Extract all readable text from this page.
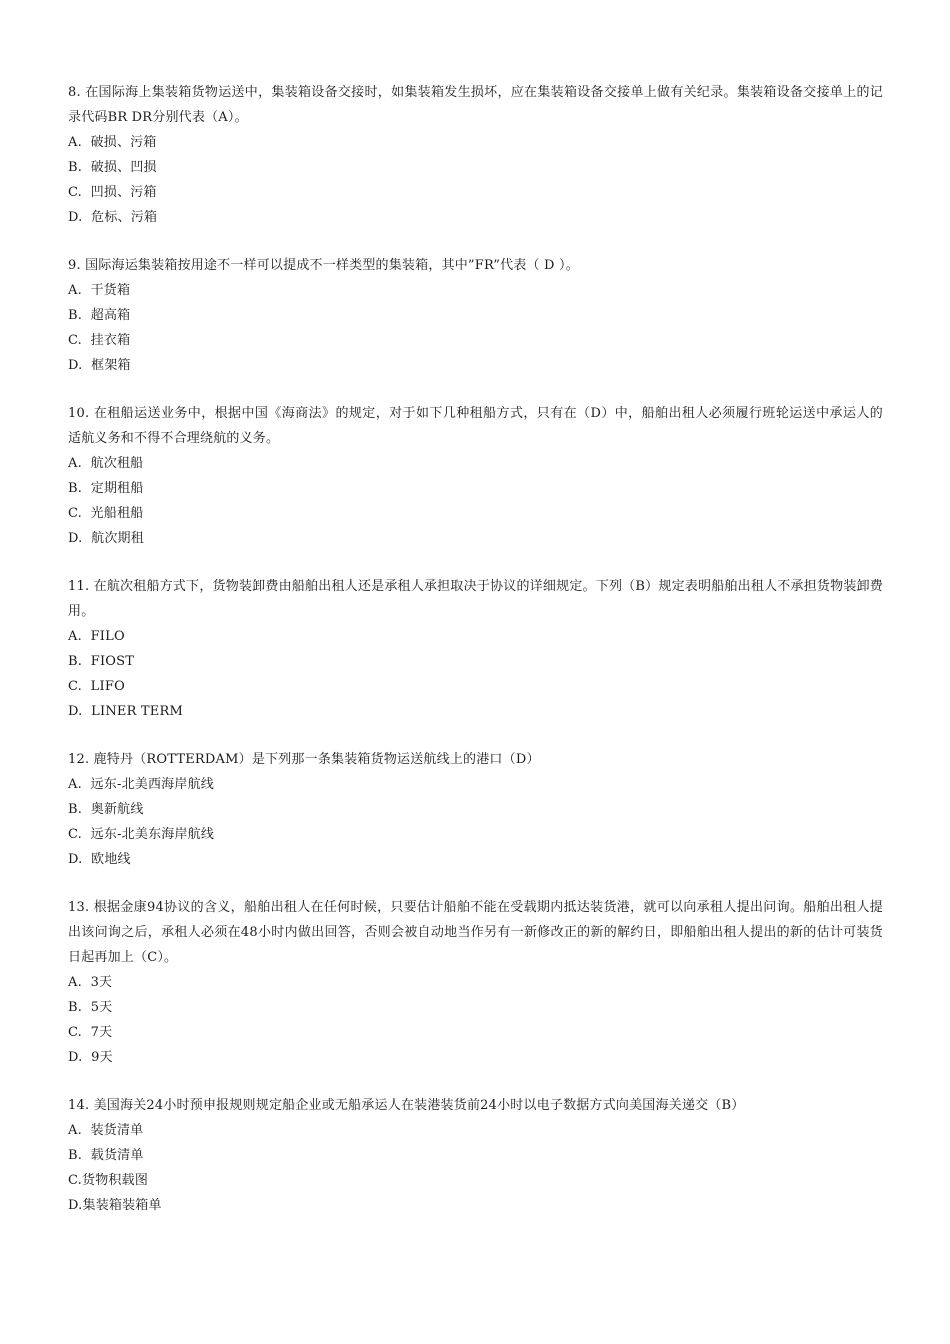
8. 在国际海上集装箱货物运送中，集装箱设备交接时，如集装箱发生损坏，应在集装箱设备交接单上做有关纪录。集装箱设备交接单上的记录代码BR DR分别代表（A）。

A.  破损、污箱

B.  破损、凹损

C.  凹损、污箱

D.  危标、污箱

9. 国际海运集装箱按用途不一样可以提成不一样类型的集装箱，其中”FR”代表（ D ）。

A.  干货箱

B.  超高箱

C.  挂衣箱

D.  框架箱

10. 在租船运送业务中，根据中国《海商法》的规定，对于如下几种租船方式，只有在（D）中，船舶出租人必须履行班轮运送中承运人的适航义务和不得不合理绕航的义务。

A.  航次租船

B.  定期租船

C.  光船租船

D.  航次期租

11. 在航次租船方式下，货物装卸费由船舶出租人还是承租人承担取决于协议的详细规定。下列（B）规定表明船舶出租人不承担货物装卸费用。

A.  FILO

B.  FIOST

C.  LIFO

D.  LINER TERM

12. 鹿特丹（ROTTERDAM）是下列那一条集装箱货物运送航线上的港口（D）

A.  远东-北美西海岸航线

B.  奥新航线

C.  远东-北美东海岸航线

D.  欧地线

13. 根据金康94协议的含义，船舶出租人在任何时候，只要估计船舶不能在受载期内抵达装货港，就可以向承租人提出问询。船舶出租人提出该问询之后，承租人必须在48小时内做出回答，否则会被自动地当作另有一新修改正的新的解约日，即船舶出租人提出的新的估计可装货日起再加上（C）。

A.  3天

B.  5天

C.  7天

D.  9天

14. 美国海关24小时预申报规则规定船企业或无船承运人在装港装货前24小时以电子数据方式向美国海关递交（B）

A.  装货清单

B.  载货清单

C.货物积载图

D.集装箱装箱单
